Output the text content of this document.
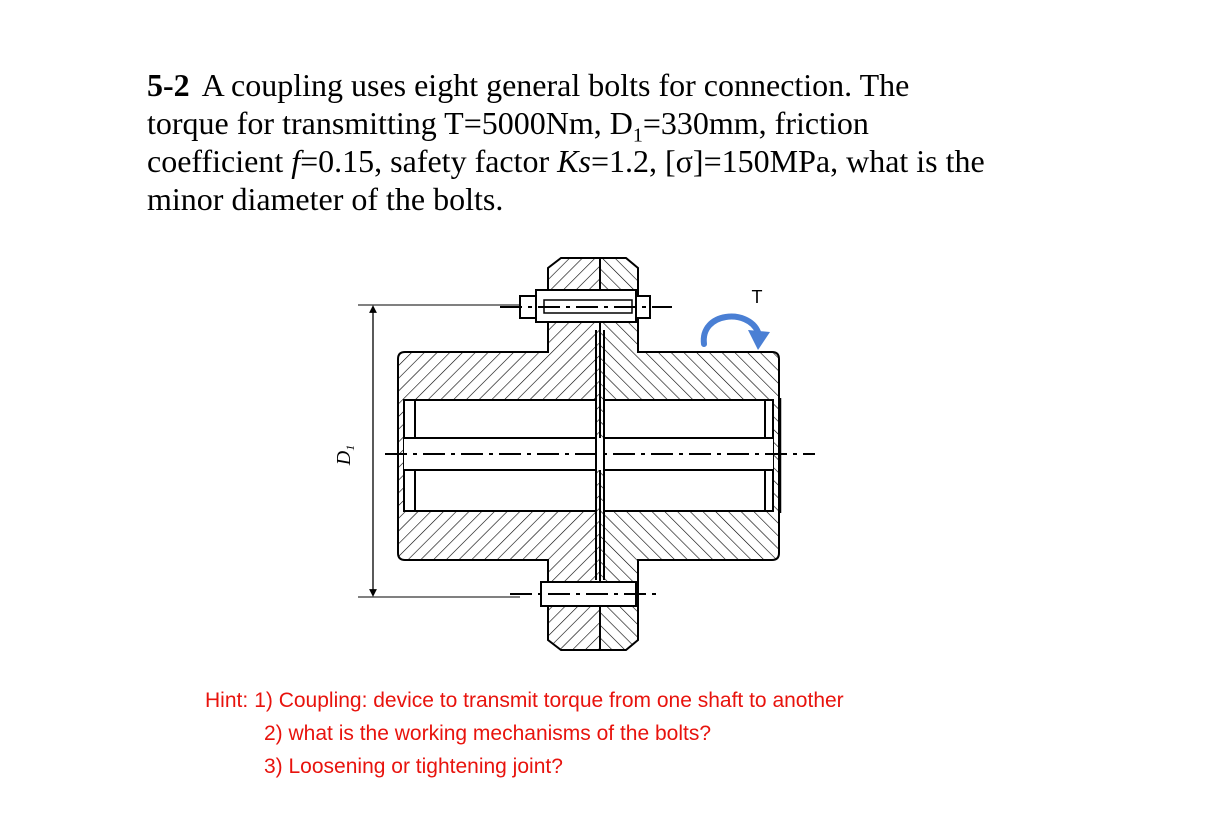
5-2 A coupling uses eight general bolts for connection. The
torque for transmitting T=5000Nm, $D_1=330mm$, friction
coefficient f=0.15, safety factor Ks=1.2, [σ]=150MPa, what is the
minor diameter of the bolts.
$D_1$
T
Hint: 1) Coupling: device to transmit torque from one shaft to another
2) what is the working mechanisms of the bolts?
3) Loosening or tightening joint?
